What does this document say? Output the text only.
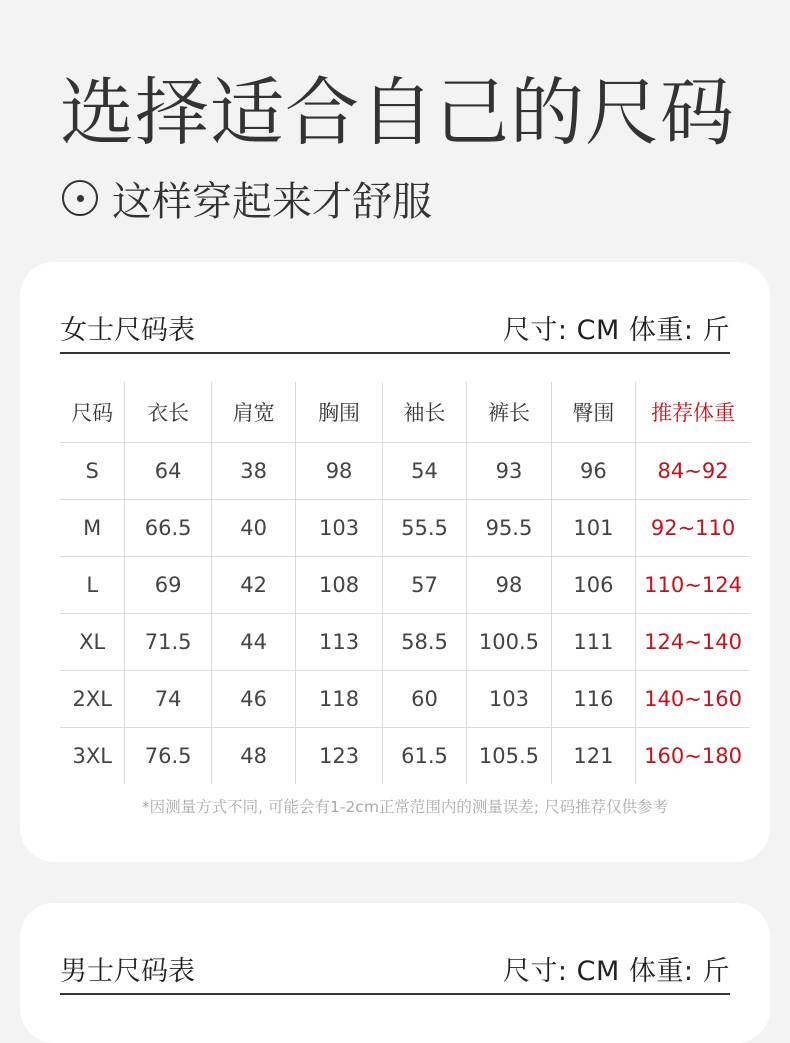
选择适合自己的尺码
这样穿起来才舒服
女士尺码表	尺寸: CM 体重: 斤
尺码	衣长	肩宽	胸围	袖长	裤长	臀围	推荐体重
S	64	38	98	54	93	96	84~92
M	66.5	40	103	55.5	95.5	101	92~110
L	69	42	108	57	98	106	110~124
XL	71.5	44	113	58.5	100.5	111	124~140
2XL	74	46	118	60	103	116	140~160
3XL	76.5	48	123	61.5	105.5	121	160~180
*因测量方式不同, 可能会有1-2cm正常范围内的测量误差; 尺码推荐仅供参考
男士尺码表	尺寸: CM 体重: 斤
